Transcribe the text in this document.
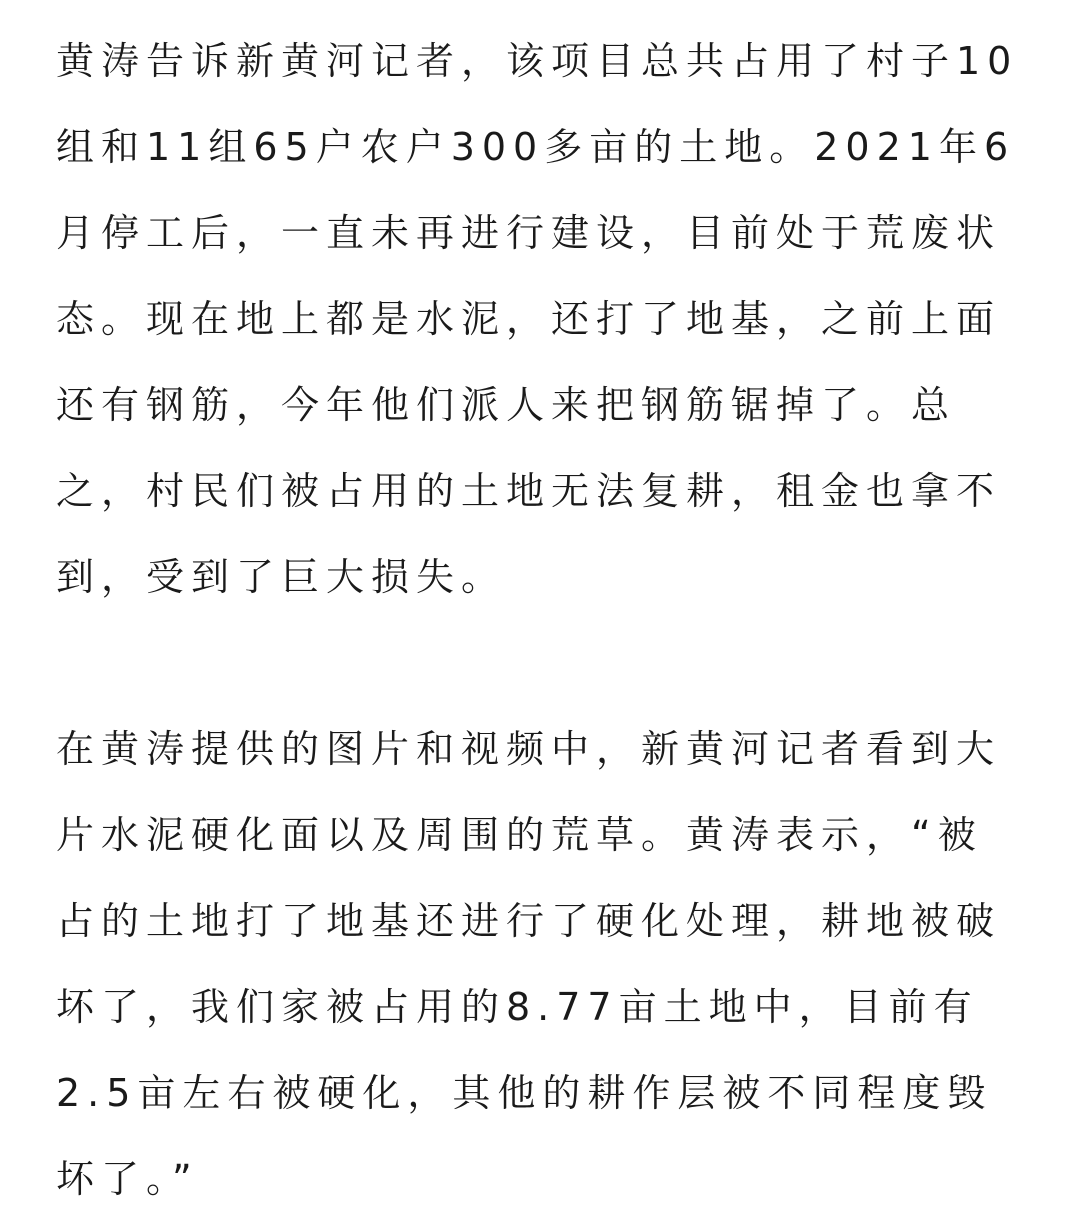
黄涛告诉新黄河记者，该项目总共占用了村子10
组和11组65户农户300多亩的土地。2021年6
月停工后，一直未再进行建设，目前处于荒废状
态。现在地上都是水泥，还打了地基，之前上面
还有钢筋，今年他们派人来把钢筋锯掉了。总
之，村民们被占用的土地无法复耕，租金也拿不
到，受到了巨大损失。

在黄涛提供的图片和视频中，新黄河记者看到大
片水泥硬化面以及周围的荒草。黄涛表示，“被
占的土地打了地基还进行了硬化处理，耕地被破
坏了，我们家被占用的8.77亩土地中，目前有
2.5亩左右被硬化，其他的耕作层被不同程度毁
坏了。”
